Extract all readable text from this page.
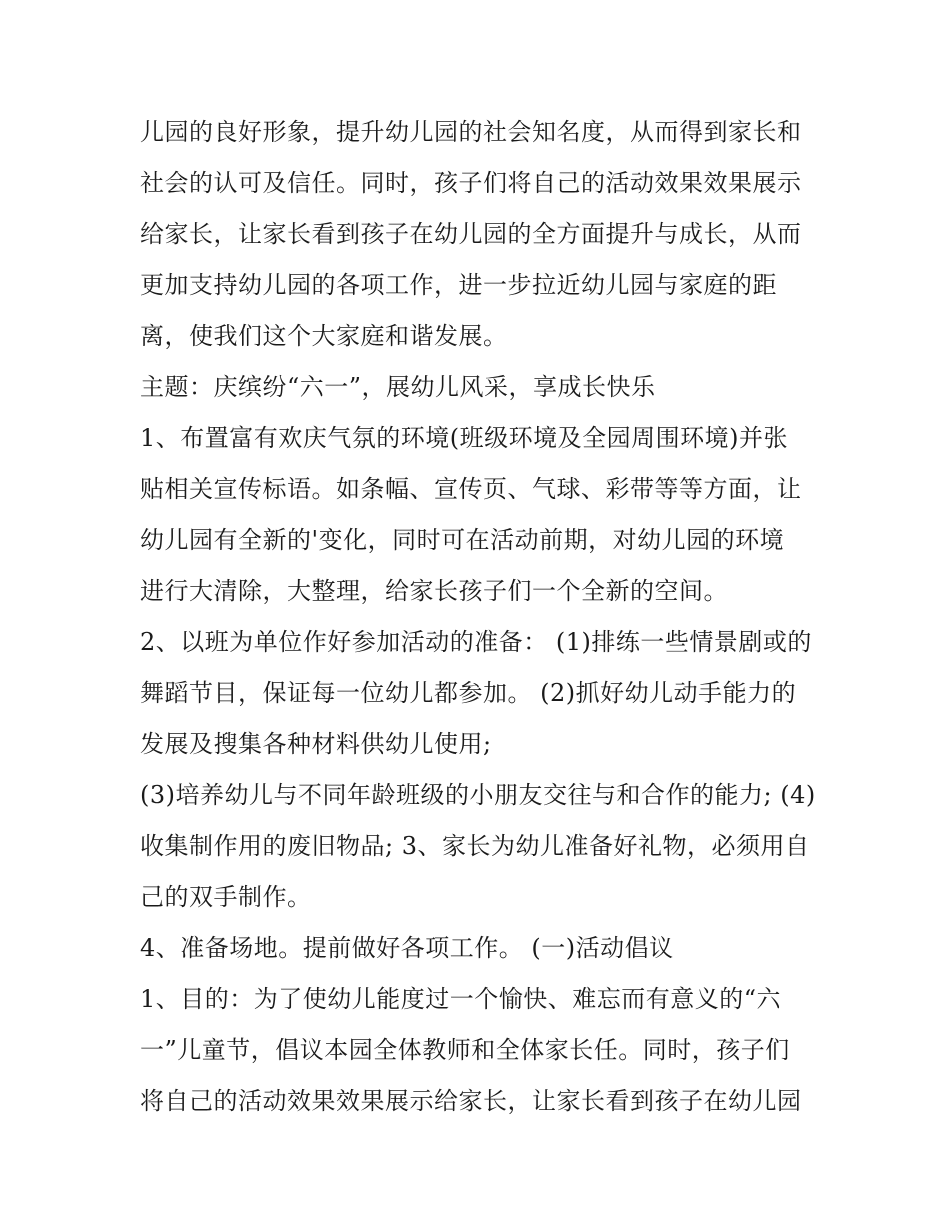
儿园的良好形象，提升幼儿园的社会知名度，从而得到家长和
社会的认可及信任。同时，孩子们将自己的活动效果效果展示
给家长，让家长看到孩子在幼儿园的全方面提升与成长，从而
更加支持幼儿园的各项工作，进一步拉近幼儿园与家庭的距
离，使我们这个大家庭和谐发展。
主题：庆缤纷“六一”，展幼儿风采，享成长快乐
1、布置富有欢庆气氛的环境(班级环境及全园周围环境)并张
贴相关宣传标语。如条幅、宣传页、气球、彩带等等方面，让
幼儿园有全新的'变化，同时可在活动前期，对幼儿园的环境
进行大清除，大整理，给家长孩子们一个全新的空间。
2、以班为单位作好参加活动的准备： (1)排练一些情景剧或的
舞蹈节目，保证每一位幼儿都参加。 (2)抓好幼儿动手能力的
发展及搜集各种材料供幼儿使用;
(3)培养幼儿与不同年龄班级的小朋友交往与和合作的能力; (4)
收集制作用的废旧物品; 3、家长为幼儿准备好礼物，必须用自
己的双手制作。
4、准备场地。提前做好各项工作。 (一)活动倡议
1、目的：为了使幼儿能度过一个愉快、难忘而有意义的“六
一”儿童节，倡议本园全体教师和全体家长任。同时，孩子们
将自己的活动效果效果展示给家长，让家长看到孩子在幼儿园
